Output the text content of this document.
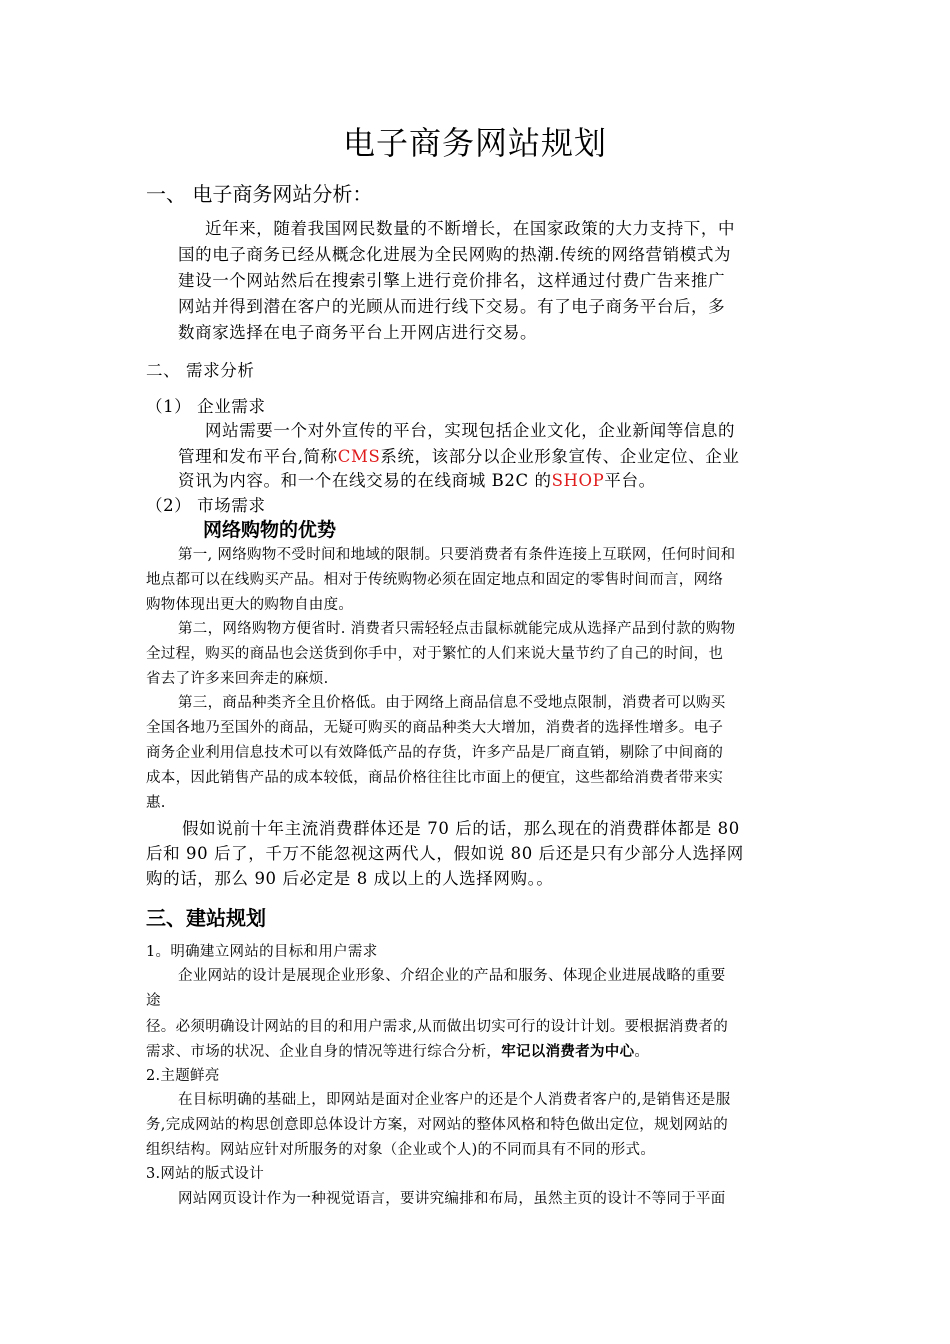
电子商务网站规划
一、 电子商务网站分析：
近年来，随着我国网民数量的不断增长，在国家政策的大力支持下，中
国的电子商务已经从概念化进展为全民网购的热潮.传统的网络营销模式为
建设一个网站然后在搜索引擎上进行竞价排名，这样通过付费广告来推广
网站并得到潜在客户的光顾从而进行线下交易。有了电子商务平台后，多
数商家选择在电子商务平台上开网店进行交易。
二、 需求分析
（1） 企业需求
网站需要一个对外宣传的平台，实现包括企业文化，企业新闻等信息的
管理和发布平台,简称CMS系统，该部分以企业形象宣传、企业定位、企业
资讯为内容。和一个在线交易的在线商城 B2C 的SHOP平台。
（2） 市场需求
网络购物的优势
第一, 网络购物不受时间和地域的限制。只要消费者有条件连接上互联网，任何时间和
地点都可以在线购买产品。相对于传统购物必须在固定地点和固定的零售时间而言，网络
购物体现出更大的购物自由度。
第二，网络购物方便省时. 消费者只需轻轻点击鼠标就能完成从选择产品到付款的购物
全过程，购买的商品也会送货到你手中，对于繁忙的人们来说大量节约了自己的时间，也
省去了许多来回奔走的麻烦.
第三，商品种类齐全且价格低。由于网络上商品信息不受地点限制，消费者可以购买
全国各地乃至国外的商品，无疑可购买的商品种类大大增加，消费者的选择性增多。电子
商务企业利用信息技术可以有效降低产品的存货，许多产品是厂商直销，剔除了中间商的
成本，因此销售产品的成本较低，商品价格往往比市面上的便宜，这些都给消费者带来实
惠.
假如说前十年主流消费群体还是 70 后的话，那么现在的消费群体都是 80
后和 90 后了，千万不能忽视这两代人，假如说 80 后还是只有少部分人选择网
购的话，那么 90 后必定是 8 成以上的人选择网购。。
三、建站规划
1。明确建立网站的目标和用户需求
企业网站的设计是展现企业形象、介绍企业的产品和服务、体现企业进展战略的重要
途
径。必须明确设计网站的目的和用户需求,从而做出切实可行的设计计划。要根据消费者的
需求、市场的状况、企业自身的情况等进行综合分析，牢记以消费者为中心。
2.主题鲜亮
在目标明确的基础上，即网站是面对企业客户的还是个人消费者客户的,是销售还是服
务,完成网站的构思创意即总体设计方案，对网站的整体风格和特色做出定位，规划网站的
组织结构。网站应针对所服务的对象（企业或个人)的不同而具有不同的形式。
3.网站的版式设计
网站网页设计作为一种视觉语言，要讲究编排和布局，虽然主页的设计不等同于平面
